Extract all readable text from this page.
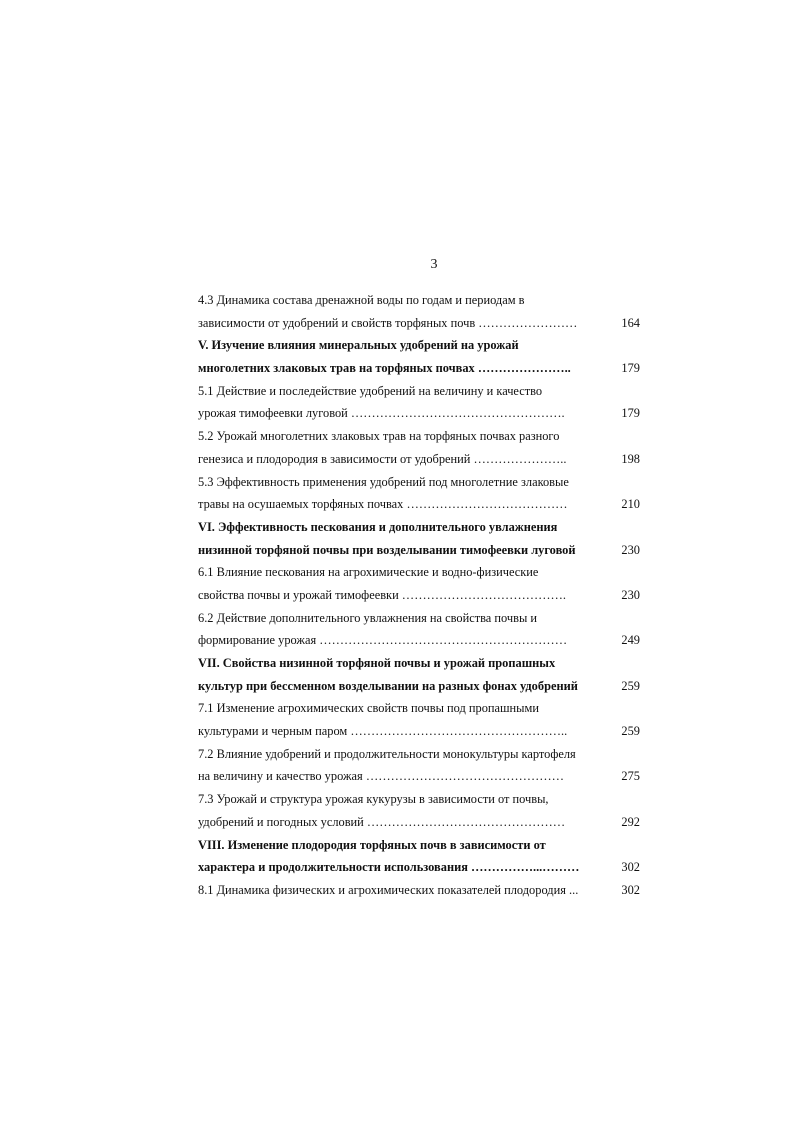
3
4.3 Динамика состава дренажной воды по годам и периодам в
зависимости от удобрений и свойств торфяных почв ……………………	164
V. Изучение влияния минеральных удобрений на урожай
многолетних злаковых трав на торфяных почвах …………………..	179
5.1 Действие и последействие удобрений на величину и качество
урожая тимофеевки луговой …………………………………………….	179
5.2 Урожай многолетних злаковых трав на торфяных почвах разного
генезиса и плодородия в зависимости от удобрений …………………..	198
5.3 Эффективность применения удобрений под многолетние злаковые
травы на осушаемых торфяных почвах …………………………………	210
VI. Эффективность пескования и дополнительного увлажнения
низинной торфяной почвы при возделывании тимофеевки луговой	230
6.1 Влияние пескования на агрохимические и водно-физические
свойства почвы и урожай тимофеевки ………………………………….	230
6.2 Действие дополнительного увлажнения на свойства почвы и
формирование урожая ……………………………………………………	249
VII. Свойства низинной торфяной почвы и урожай пропашных
культур при бессменном возделывании на разных фонах удобрений	259
7.1 Изменение агрохимических свойств почвы под пропашными
культурами и черным паром ……………………………………………..	259
7.2 Влияние удобрений и продолжительности монокультуры картофеля
на величину и качество урожая …………………………………………	275
7.3 Урожай и структура урожая кукурузы в зависимости от почвы,
удобрений и погодных условий …………………………………………	292
VIII. Изменение плодородия торфяных почв в зависимости от
характера и продолжительности использования ……………...………	302
8.1 Динамика физических и агрохимических показателей плодородия ...	302
